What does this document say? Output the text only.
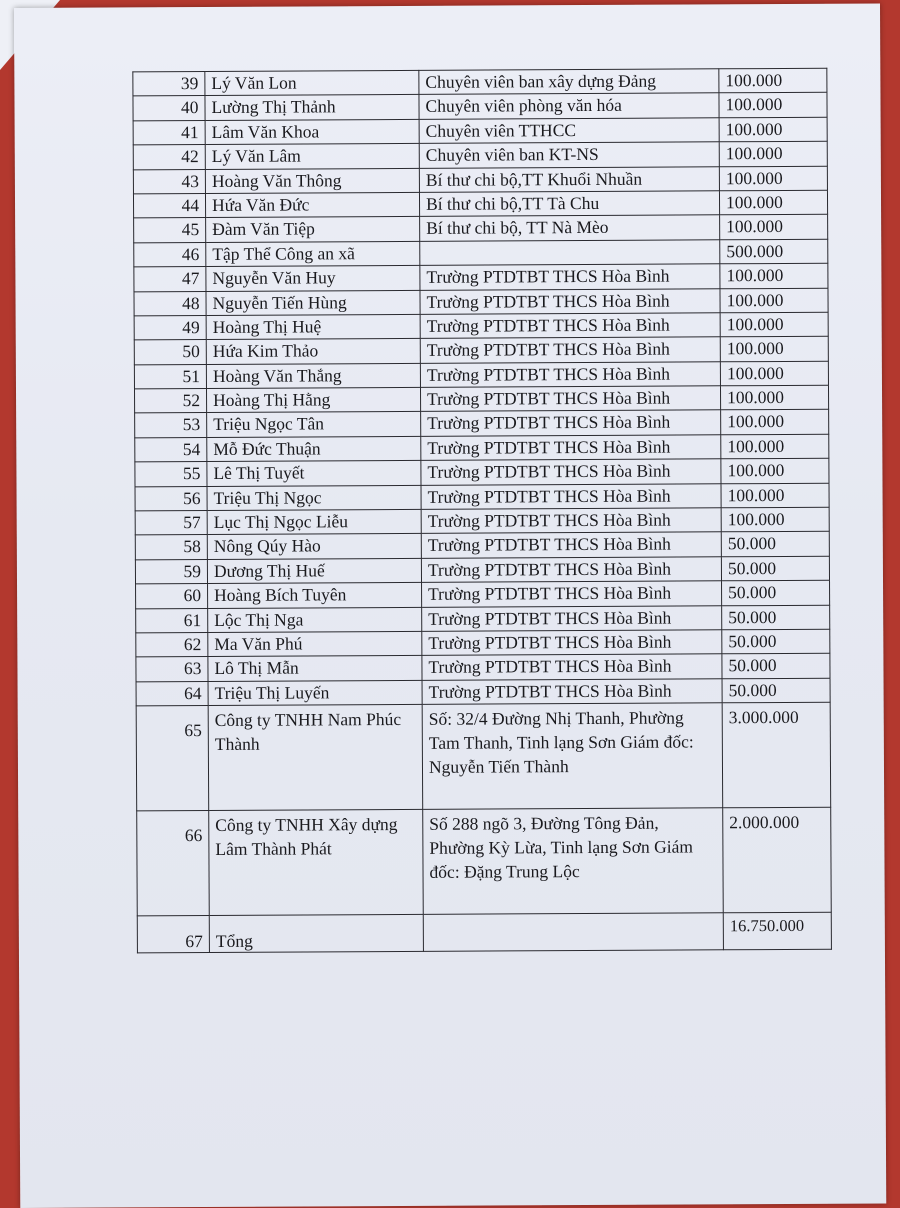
39	Lý Văn Lon	Chuyên viên ban xây dựng Đảng	100.000
40	Lường Thị Thảnh	Chuyên viên phòng văn hóa	100.000
41	Lâm Văn Khoa	Chuyên viên TTHCC	100.000
42	Lý Văn Lâm	Chuyên viên ban KT-NS	100.000
43	Hoàng Văn Thông	Bí thư chi bộ,TT Khuổi Nhuần	100.000
44	Hứa Văn Đức	Bí thư chi bộ,TT Tà Chu	100.000
45	Đàm Văn Tiệp	Bí thư chi bộ, TT Nà Mèo	100.000
46	Tập Thể Công an xã		500.000
47	Nguyễn Văn Huy	Trường PTDTBT THCS Hòa Bình	100.000
48	Nguyễn Tiến Hùng	Trường PTDTBT THCS Hòa Bình	100.000
49	Hoàng Thị Huệ	Trường PTDTBT THCS Hòa Bình	100.000
50	Hứa Kim Thảo	Trường PTDTBT THCS Hòa Bình	100.000
51	Hoàng Văn Thắng	Trường PTDTBT THCS Hòa Bình	100.000
52	Hoàng Thị Hằng	Trường PTDTBT THCS Hòa Bình	100.000
53	Triệu Ngọc Tân	Trường PTDTBT THCS Hòa Bình	100.000
54	Mỗ Đức Thuận	Trường PTDTBT THCS Hòa Bình	100.000
55	Lê Thị Tuyết	Trường PTDTBT THCS Hòa Bình	100.000
56	Triệu Thị Ngọc	Trường PTDTBT THCS Hòa Bình	100.000
57	Lục Thị Ngọc Liễu	Trường PTDTBT THCS Hòa Bình	100.000
58	Nông Qúy Hào	Trường PTDTBT THCS Hòa Bình	50.000
59	Dương Thị Huế	Trường PTDTBT THCS Hòa Bình	50.000
60	Hoàng Bích Tuyên	Trường PTDTBT THCS Hòa Bình	50.000
61	Lộc Thị Nga	Trường PTDTBT THCS Hòa Bình	50.000
62	Ma Văn Phú	Trường PTDTBT THCS Hòa Bình	50.000
63	Lô Thị Mẫn	Trường PTDTBT THCS Hòa Bình	50.000
64	Triệu Thị Luyến	Trường PTDTBT THCS Hòa Bình	50.000
65	Công ty TNHH Nam Phúc Thành	Số: 32/4 Đường Nhị Thanh, Phường Tam Thanh, Tinh lạng Sơn Giám đốc: Nguyễn Tiến Thành	3.000.000
66	Công ty TNHH Xây dựng Lâm Thành Phát	Số 288 ngõ 3, Đường Tông Đản, Phường Kỳ Lừa, Tinh lạng Sơn Giám đốc: Đặng Trung Lộc	2.000.000
67	Tổng		16.750.000
